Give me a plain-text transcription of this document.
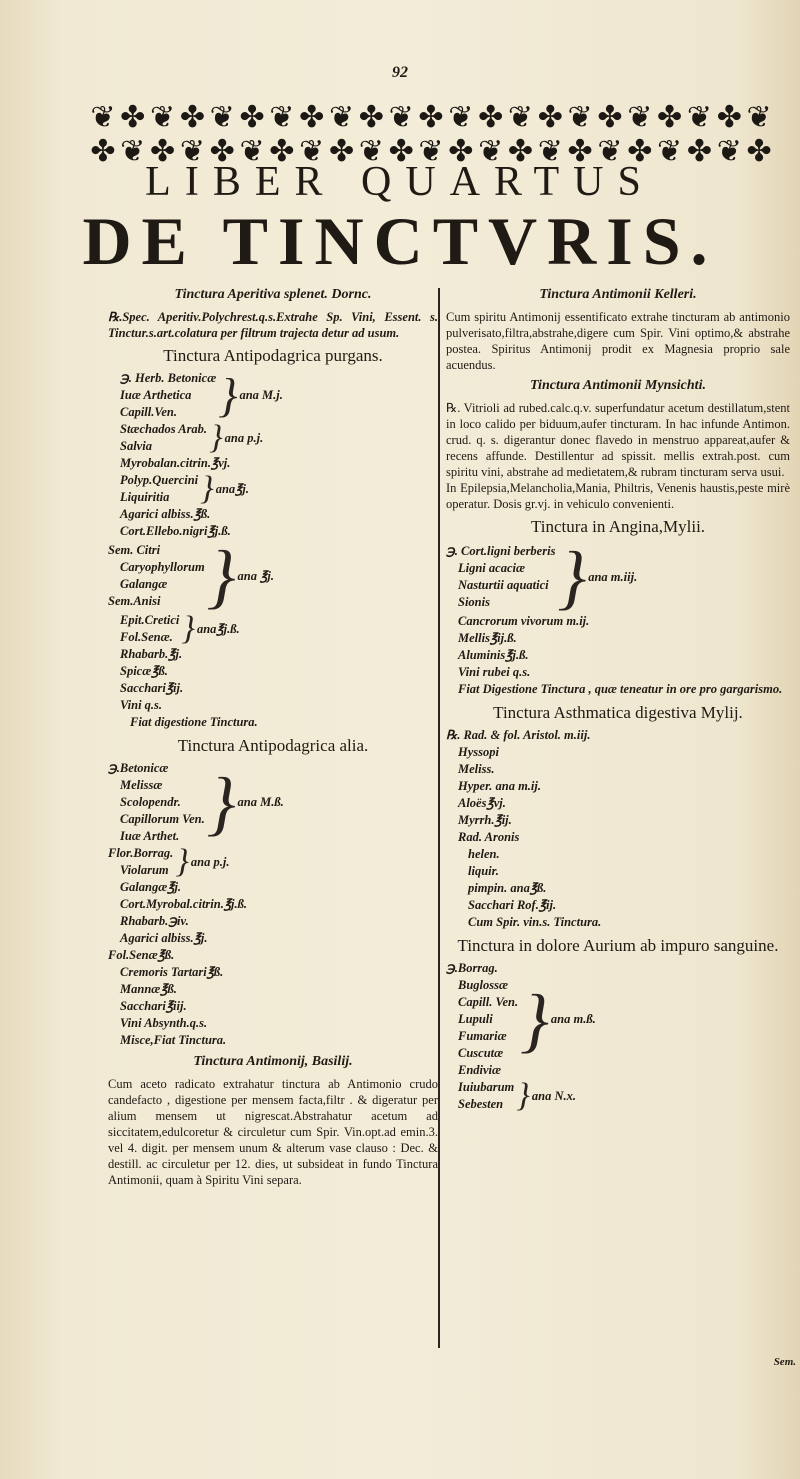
92
❦ ✤ ❦ ✤ ❦ ✤ ❦ ✤ ❦ ✤ ❦ ✤ ❦ ✤ ❦ ✤ ❦ ✤ ❦ ✤ ❦ ✤ ❦
✤ ❦ ✤ ❦ ✤ ❦ ✤ ❦ ✤ ❦ ✤ ❦ ✤ ❦ ✤ ❦ ✤ ❦ ✤ ❦ ✤ ❦ ✤
LIBER QUARTUS
DE TINCTVRIS.
Tinctura Aperitiva splenet. Dornc.
℞.Spec. Aperitiv.Polychrest.q.s.Extrahe Sp. Vini, Essent. s. Tinctur.s.art.colatura per filtrum trajecta detur ad usum.
Tinctura Antipodagrica purgans.
℈. Herb. Betonicæ
Iuæ Arthetica
Capill.Ven. } ana M.j.
Stæchados Arab.
Salvia	} ana p.j.
Myrobalan.citrin.℥vj.
Polyp.Quercini
Liquiritia } ana℥j.
Agarici albiss.℥ß.
Cort.Ellebo.nigri℥j.ß.
Sem. Citri
Caryophyllorum
Galangæ
Sem.Anisi } ana ℥j.
Epit.Cretici
Fol.Senæ. } ana℥j.ß.
Rhabarb.℥j.
Spicæ℥ß.
Sacchari℥ij.
Vini q.s.
Fiat digestione Tinctura.
Tinctura Antipodagrica alia.
℈.Betonicæ
Melissæ
Scolopendr.
Capillorum Ven.
Iuæ Arthet. } ana M.ß.
Flor.Borrag.
Violarum } ana p.j.
Galangæ℥j.
Cort.Myrobal.citrin.℥j.ß.
Rhabarb.℈iv.
Agarici albiss.℥j.
Fol.Senæ℥ß.
Cremoris Tartari℥ß.
Mannæ℥ß.
Sacchari℥iij.
Vini Absynth.q.s.
Misce,Fiat Tinctura.
Tinctura Antimonij, Basilij.
Cum aceto radicato extrahatur tinctura ab Antimonio crudo candefacto , digestione per mensem facta,filtr . & digeratur per alium mensem ut nigrescat.Abstrahatur acetum ad siccitatem,edulcoretur & circuletur cum Spir. Vin.opt.ad emin.3. vel 4. digit. per mensem unum & alterum vase clauso : Dec. & destill. ac circuletur per 12. dies, ut subsideat in fundo Tinctura Antimonii, quam à Spiritu Vini separa.
Tinctura Antimonii Kelleri.
Cum spiritu Antimonij essentificato extrahe tincturam ab antimonio pulverisato,filtra,abstrahe,digere cum Spir. Vini optimo,& abstrahe postea. Spiritus Antimonij prodit ex Magnesia proprio sale acuendus.
Tinctura Antimonii Mynsichti.
℞. Vitrioli ad rubed.calc.q.v. superfundatur acetum destillatum,stent in loco calido per biduum,aufer tincturam. In hac infunde Antimon. crud. q. s. digerantur donec flavedo in menstruo appareat,aufer & recens affunde. Destillentur ad spissit. mellis extrah.post. cum spiritu vini, abstrahe ad medietatem,& rubram tincturam serva usui.
In Epilepsia,Melancholia,Mania, Philtris, Venenis haustis,peste mirè operatur. Dosis gr.vj. in vehiculo convenienti.
Tinctura in Angina,Mylii.
℈. Cort.ligni berberis
Ligni acaciæ
Nasturtii aquatici
Sionis } ana m.iij.
Cancrorum vivorum m.ij.
Mellis℥ij.ß.
Aluminis℥j.ß.
Vini rubei q.s.
Fiat Digestione Tinctura , quæ teneatur in ore pro gargarismo.
Tinctura Asthmatica digestiva Mylij.
℞. Rad. & fol. Aristol. m.iij.
Hyssopi
Meliss.
Hyper. ana m.ij.
Aloës℥vj.
Myrrh.℥ij.
Rad. Aronis
helen.
liquir.
pimpin. ana℥ß.
Sacchari Rof.℥ij.
Cum Spir. vin.s. Tinctura.
Tinctura in dolore Aurium ab impuro sanguine.
℈.Borrag.
Buglossæ
Capill. Ven.
Lupuli
Fumariæ
Cuscutæ
Endiviæ
} ana m.ß.
Iuiubarum
Sebesten } ana N.x.
Sem.
